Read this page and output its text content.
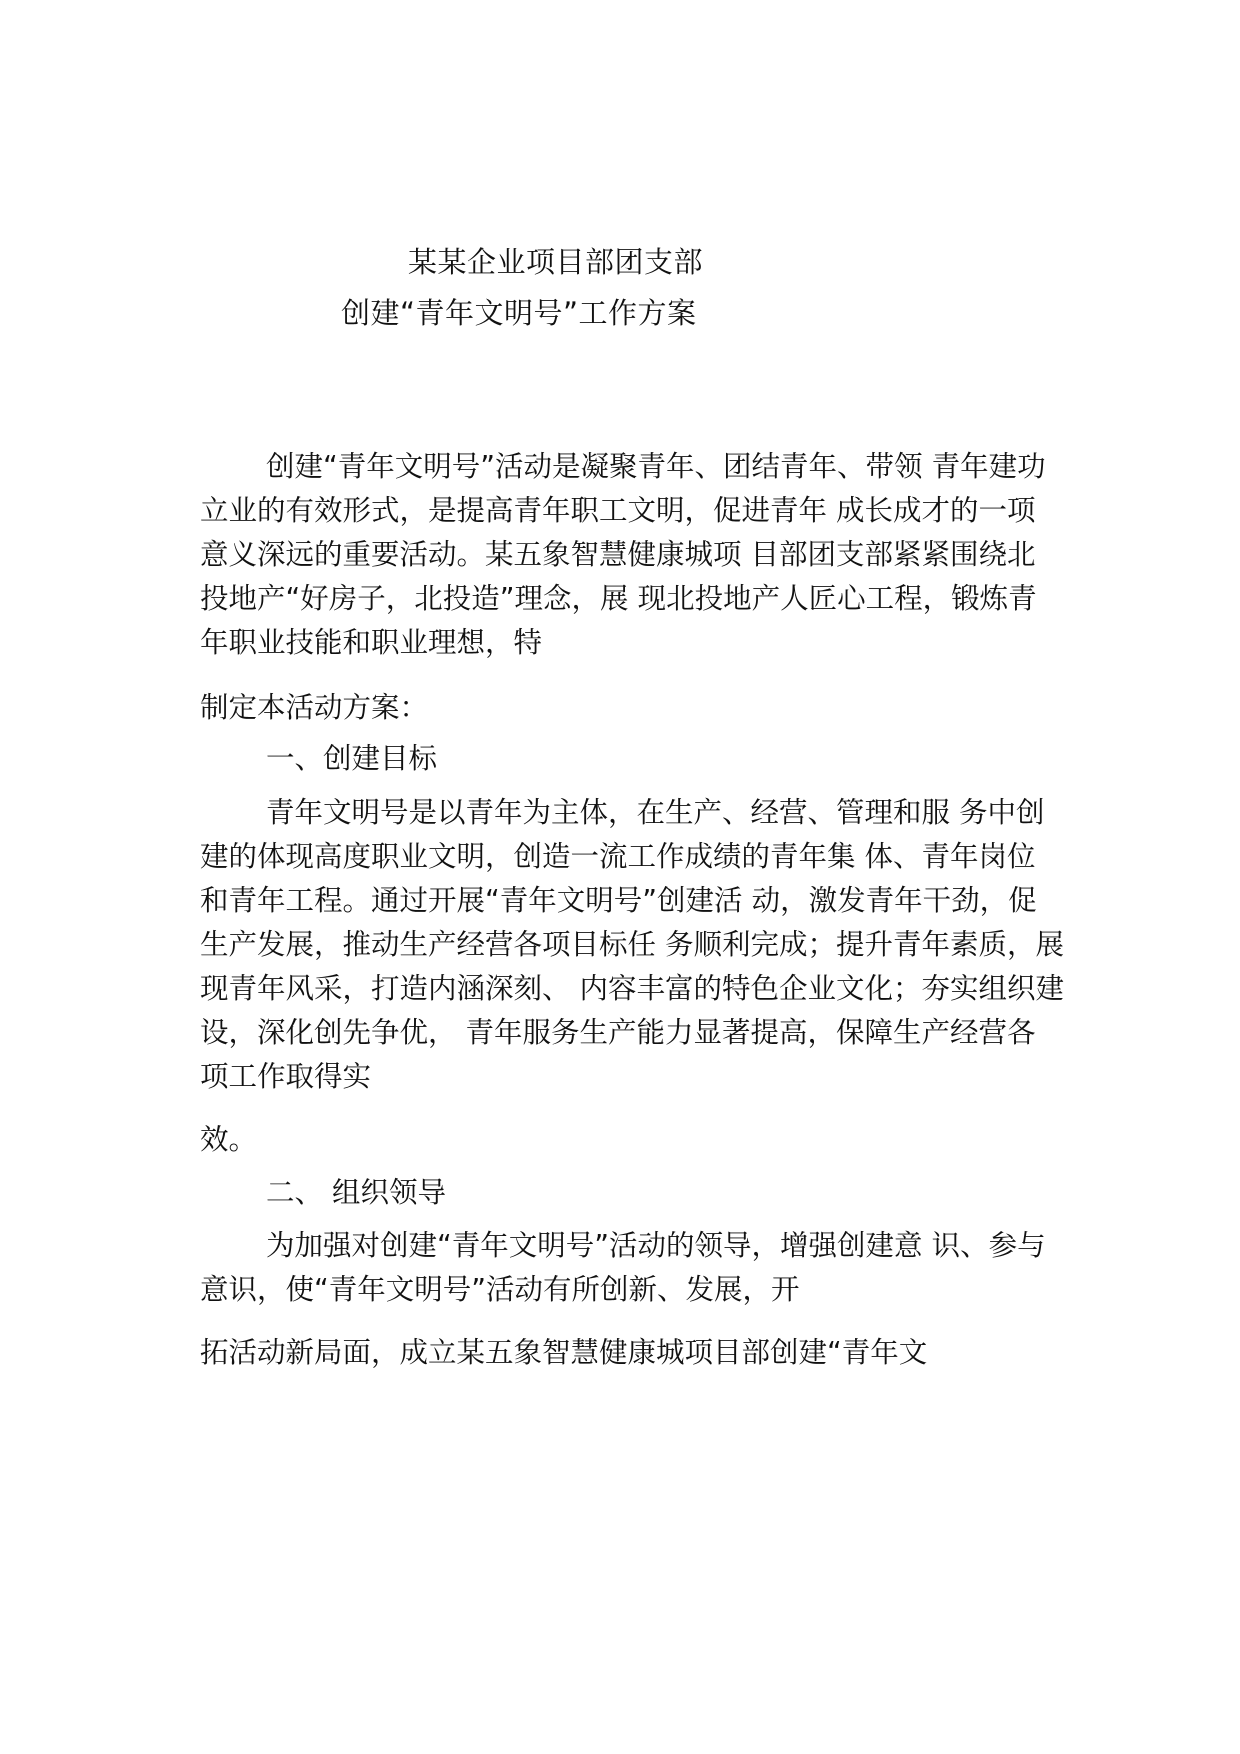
某某企业项目部团支部
创建“青年文明号”工作方案
创建“青年文明号”活动是凝聚青年、团结青年、带领 青年建功
立业的有效形式，是提高青年职工文明，促进青年 成长成才的一项
意义深远的重要活动。某五象智慧健康城项 目部团支部紧紧围绕北
投地产“好房子，北投造”理念，展 现北投地产人匠心工程，锻炼青
年职业技能和职业理想，特
制定本活动方案：
一、创建目标
青年文明号是以青年为主体，在生产、经营、管理和服 务中创
建的体现高度职业文明，创造一流工作成绩的青年集 体、青年岗位
和青年工程。通过开展“青年文明号”创建活 动，激发青年干劲，促
生产发展，推动生产经营各项目标任 务顺利完成；提升青年素质，展
现青年风采，打造内涵深刻、 内容丰富的特色企业文化；夯实组织建
设，深化创先争优， 青年服务生产能力显著提高，保障生产经营各
项工作取得实
效。
二、 组织领导
为加强对创建“青年文明号”活动的领导，增强创建意 识、参与
意识，使“青年文明号”活动有所创新、发展，开
拓活动新局面，成立某五象智慧健康城项目部创建“青年文
